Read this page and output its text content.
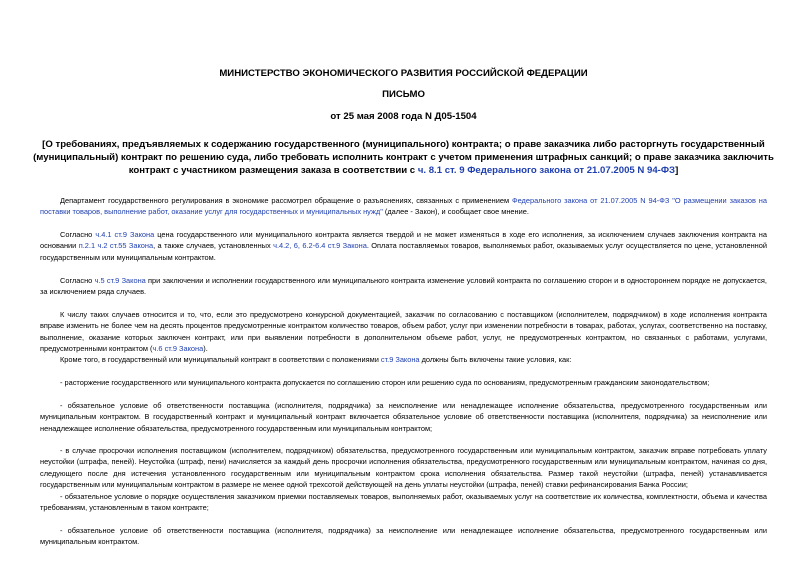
МИНИСТЕРСТВО ЭКОНОМИЧЕСКОГО РАЗВИТИЯ РОССИЙСКОЙ ФЕДЕРАЦИИ
ПИСЬМО
от 25 мая 2008 года N Д05-1504
[О требованиях, предъявляемых к содержанию государственного (муниципального) контракта; о праве заказчика либо расторгнуть государственный (муниципальный) контракт по решению суда, либо требовать исполнить контракт с учетом применения штрафных санкций; о праве заказчика заключить контракт с участником размещения заказа в соответствии с ч. 8.1 ст. 9 Федерального закона от 21.07.2005 N 94-ФЗ]
Департамент государственного регулирования в экономике рассмотрел обращение о разъяснениях, связанных с применением Федерального закона от 21.07.2005 N 94-ФЗ "О размещении заказов на поставки товаров, выполнение работ, оказание услуг для государственных и муниципальных нужд" (далее - Закон), и сообщает свое мнение.
Согласно ч.4.1 ст.9 Закона цена государственного или муниципального контракта является твердой и не может изменяться в ходе его исполнения, за исключением случаев заключения контракта на основании п.2.1 ч.2 ст.55 Закона, а также случаев, установленных ч.4.2, 6, 6.2-6.4 ст.9 Закона. Оплата поставляемых товаров, выполняемых работ, оказываемых услуг осуществляется по цене, установленной государственным или муниципальным контрактом.
Согласно ч.5 ст.9 Закона при заключении и исполнении государственного или муниципального контракта изменение условий контракта по соглашению сторон и в одностороннем порядке не допускается, за исключением ряда случаев.
К числу таких случаев относится и то, что, если это предусмотрено конкурсной документацией, заказчик по согласованию с поставщиком (исполнителем, подрядчиком) в ходе исполнения контракта вправе изменить не более чем на десять процентов предусмотренные контрактом количество товаров, объем работ, услуг при изменении потребности в товарах, работах, услугах, соответственно на поставку, выполнение, оказание которых заключен контракт, или при выявлении потребности в дополнительном объеме работ, услуг, не предусмотренных контрактом, но связанных с работами, услугами, предусмотренными контрактом (ч.6 ст.9 Закона).
Кроме того, в государственный или муниципальный контракт в соответствии с положениями ст.9 Закона должны быть включены такие условия, как:
- расторжение государственного или муниципального контракта допускается по соглашению сторон или решению суда по основаниям, предусмотренным гражданским законодательством;
- обязательное условие об ответственности поставщика (исполнителя, подрядчика) за неисполнение или ненадлежащее исполнение обязательства, предусмотренного государственным или муниципальным контрактом. В государственный контракт и муниципальный контракт включается обязательное условие об ответственности поставщика (исполнителя, подрядчика) за неисполнение или ненадлежащее исполнение обязательства, предусмотренного государственным или муниципальным контрактом;
- в случае просрочки исполнения поставщиком (исполнителем, подрядчиком) обязательства, предусмотренного государственным или муниципальным контрактом, заказчик вправе потребовать уплату неустойки (штрафа, пеней). Неустойка (штраф, пени) начисляется за каждый день просрочки исполнения обязательства, предусмотренного государственным или муниципальным контрактом, начиная со дня, следующего после дня истечения установленного государственным или муниципальным контрактом срока исполнения обязательства. Размер такой неустойки (штрафа, пеней) устанавливается государственным или муниципальным контрактом в размере не менее одной трехсотой действующей на день уплаты неустойки (штрафа, пеней) ставки рефинансирования Банка России;
- обязательное условие о порядке осуществления заказчиком приемки поставляемых товаров, выполняемых работ, оказываемых услуг на соответствие их количества, комплектности, объема и качества требованиям, установленным в таком контракте;
- обязательное условие об ответственности поставщика (исполнителя, подрядчика) за неисполнение или ненадлежащее исполнение обязательства, предусмотренного государственным или муниципальным контрактом.
